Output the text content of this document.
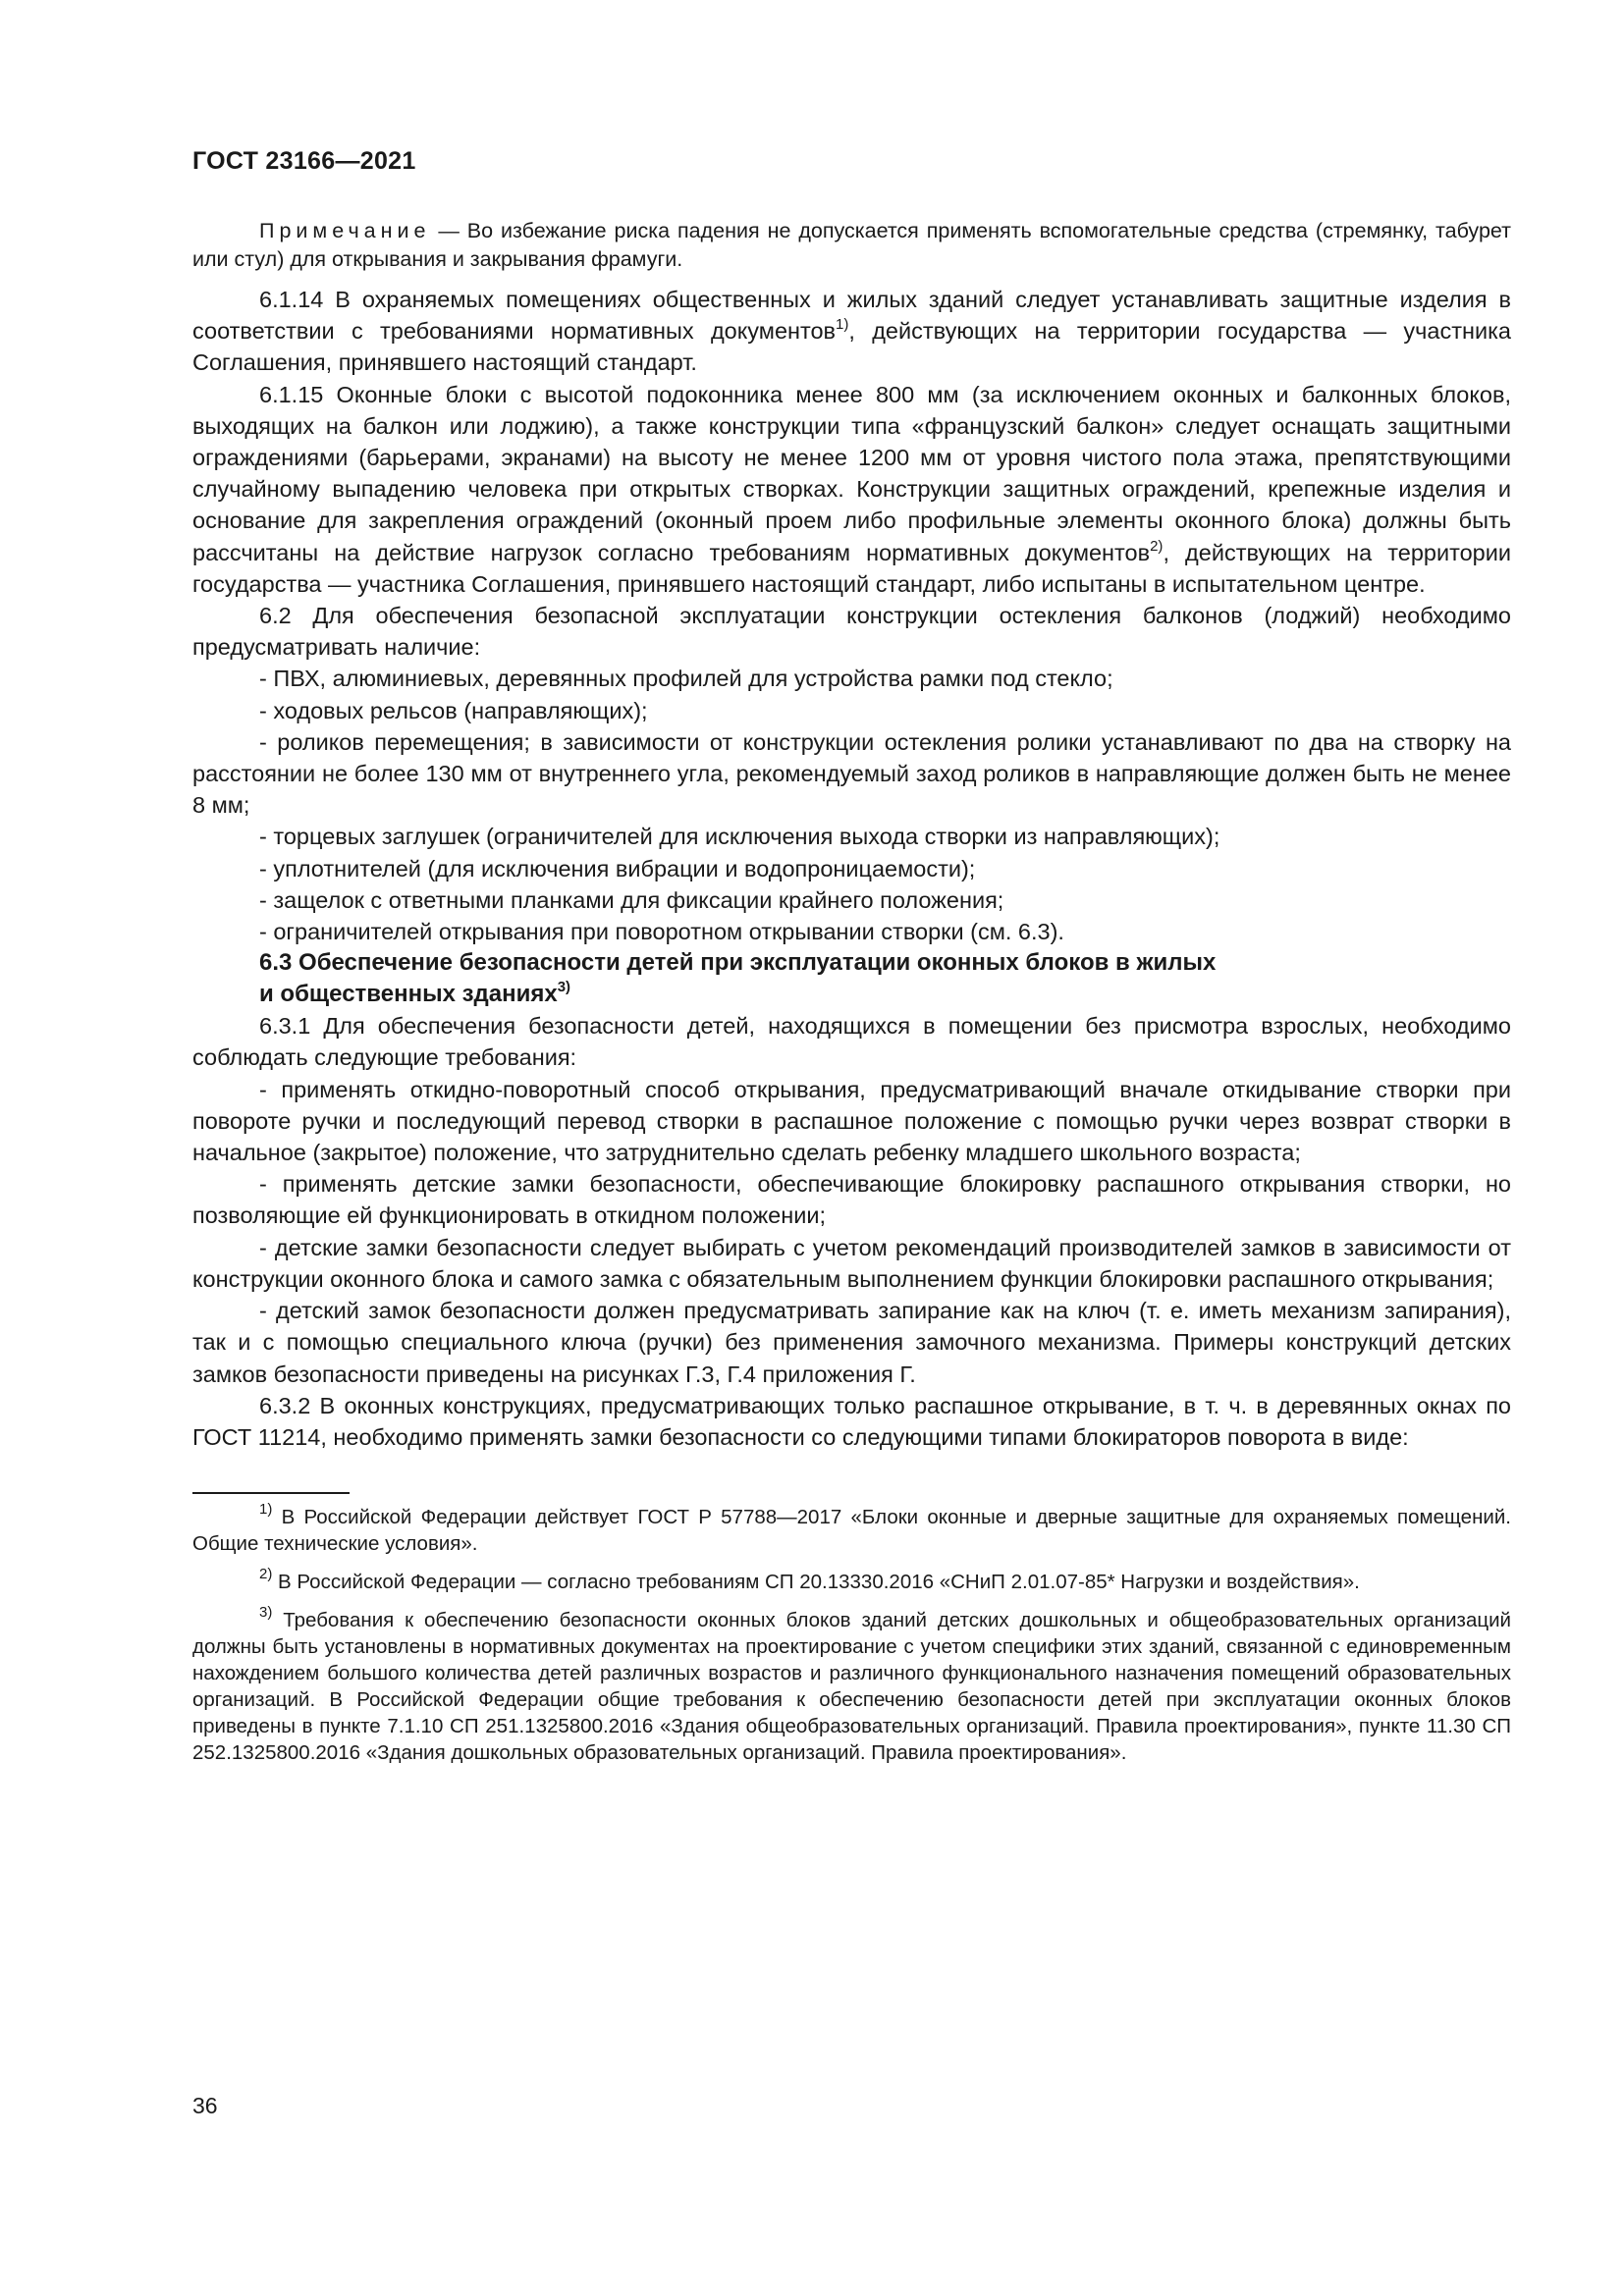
ГОСТ 23166—2021

Примечание — Во избежание риска падения не допускается применять вспомогательные средства (стремянку, табурет или стул) для открывания и закрывания фрамуги.

6.1.14 В охраняемых помещениях общественных и жилых зданий следует устанавливать защитные изделия в соответствии с требованиями нормативных документов$^{1)}$, действующих на территории государства — участника Соглашения, принявшего настоящий стандарт.

6.1.15 Оконные блоки с высотой подоконника менее 800 мм (за исключением оконных и балконных блоков, выходящих на балкон или лоджию), а также конструкции типа «французский балкон» следует оснащать защитными ограждениями (барьерами, экранами) на высоту не менее 1200 мм от уровня чистого пола этажа, препятствующими случайному выпадению человека при открытых створках. Конструкции защитных ограждений, крепежные изделия и основание для закрепления ограждений (оконный проем либо профильные элементы оконного блока) должны быть рассчитаны на действие нагрузок согласно требованиям нормативных документов$^{2)}$, действующих на территории государства — участника Соглашения, принявшего настоящий стандарт, либо испытаны в испытательном центре.

6.2 Для обеспечения безопасной эксплуатации конструкции остекления балконов (лоджий) необходимо предусматривать наличие:

- ПВХ, алюминиевых, деревянных профилей для устройства рамки под стекло;

- ходовых рельсов (направляющих);

- роликов перемещения; в зависимости от конструкции остекления ролики устанавливают по два на створку на расстоянии не более 130 мм от внутреннего угла, рекомендуемый заход роликов в направляющие должен быть не менее 8 мм;

- торцевых заглушек (ограничителей для исключения выхода створки из направляющих);

- уплотнителей (для исключения вибрации и водопроницаемости);

- защелок с ответными планками для фиксации крайнего положения;

- ограничителей открывания при поворотном открывании створки (см. 6.3).

6.3 Обеспечение безопасности детей при эксплуатации оконных блоков в жилых
и общественных зданиях$^{3)}$

6.3.1 Для обеспечения безопасности детей, находящихся в помещении без присмотра взрослых, необходимо соблюдать следующие требования:

- применять откидно-поворотный способ открывания, предусматривающий вначале откидывание створки при повороте ручки и последующий перевод створки в распашное положение с помощью ручки через возврат створки в начальное (закрытое) положение, что затруднительно сделать ребенку младшего школьного возраста;

- применять детские замки безопасности, обеспечивающие блокировку распашного открывания створки, но позволяющие ей функционировать в откидном положении;

- детские замки безопасности следует выбирать с учетом рекомендаций производителей замков в зависимости от конструкции оконного блока и самого замка с обязательным выполнением функции блокировки распашного открывания;

- детский замок безопасности должен предусматривать запирание как на ключ (т. е. иметь механизм запирания), так и с помощью специального ключа (ручки) без применения замочного механизма. Примеры конструкций детских замков безопасности приведены на рисунках Г.3, Г.4 приложения Г.

6.3.2 В оконных конструкциях, предусматривающих только распашное открывание, в т. ч. в деревянных окнах по ГОСТ 11214, необходимо применять замки безопасности со следующими типами блокираторов поворота в виде:

$^{1)}$ В Российской Федерации действует ГОСТ Р 57788—2017 «Блоки оконные и дверные защитные для охраняемых помещений. Общие технические условия».

$^{2)}$ В Российской Федерации — согласно требованиям СП 20.13330.2016 «СНиП 2.01.07-85* Нагрузки и воздействия».

$^{3)}$ Требования к обеспечению безопасности оконных блоков зданий детских дошкольных и общеобразовательных организаций должны быть установлены в нормативных документах на проектирование с учетом специфики этих зданий, связанной с единовременным нахождением большого количества детей различных возрастов и различного функционального назначения помещений образовательных организаций. В Российской Федерации общие требования к обеспечению безопасности детей при эксплуатации оконных блоков приведены в пункте 7.1.10 СП 251.1325800.2016 «Здания общеобразовательных организаций. Правила проектирования», пункте 11.30 СП 252.1325800.2016 «Здания дошкольных образовательных организаций. Правила проектирования».

36
